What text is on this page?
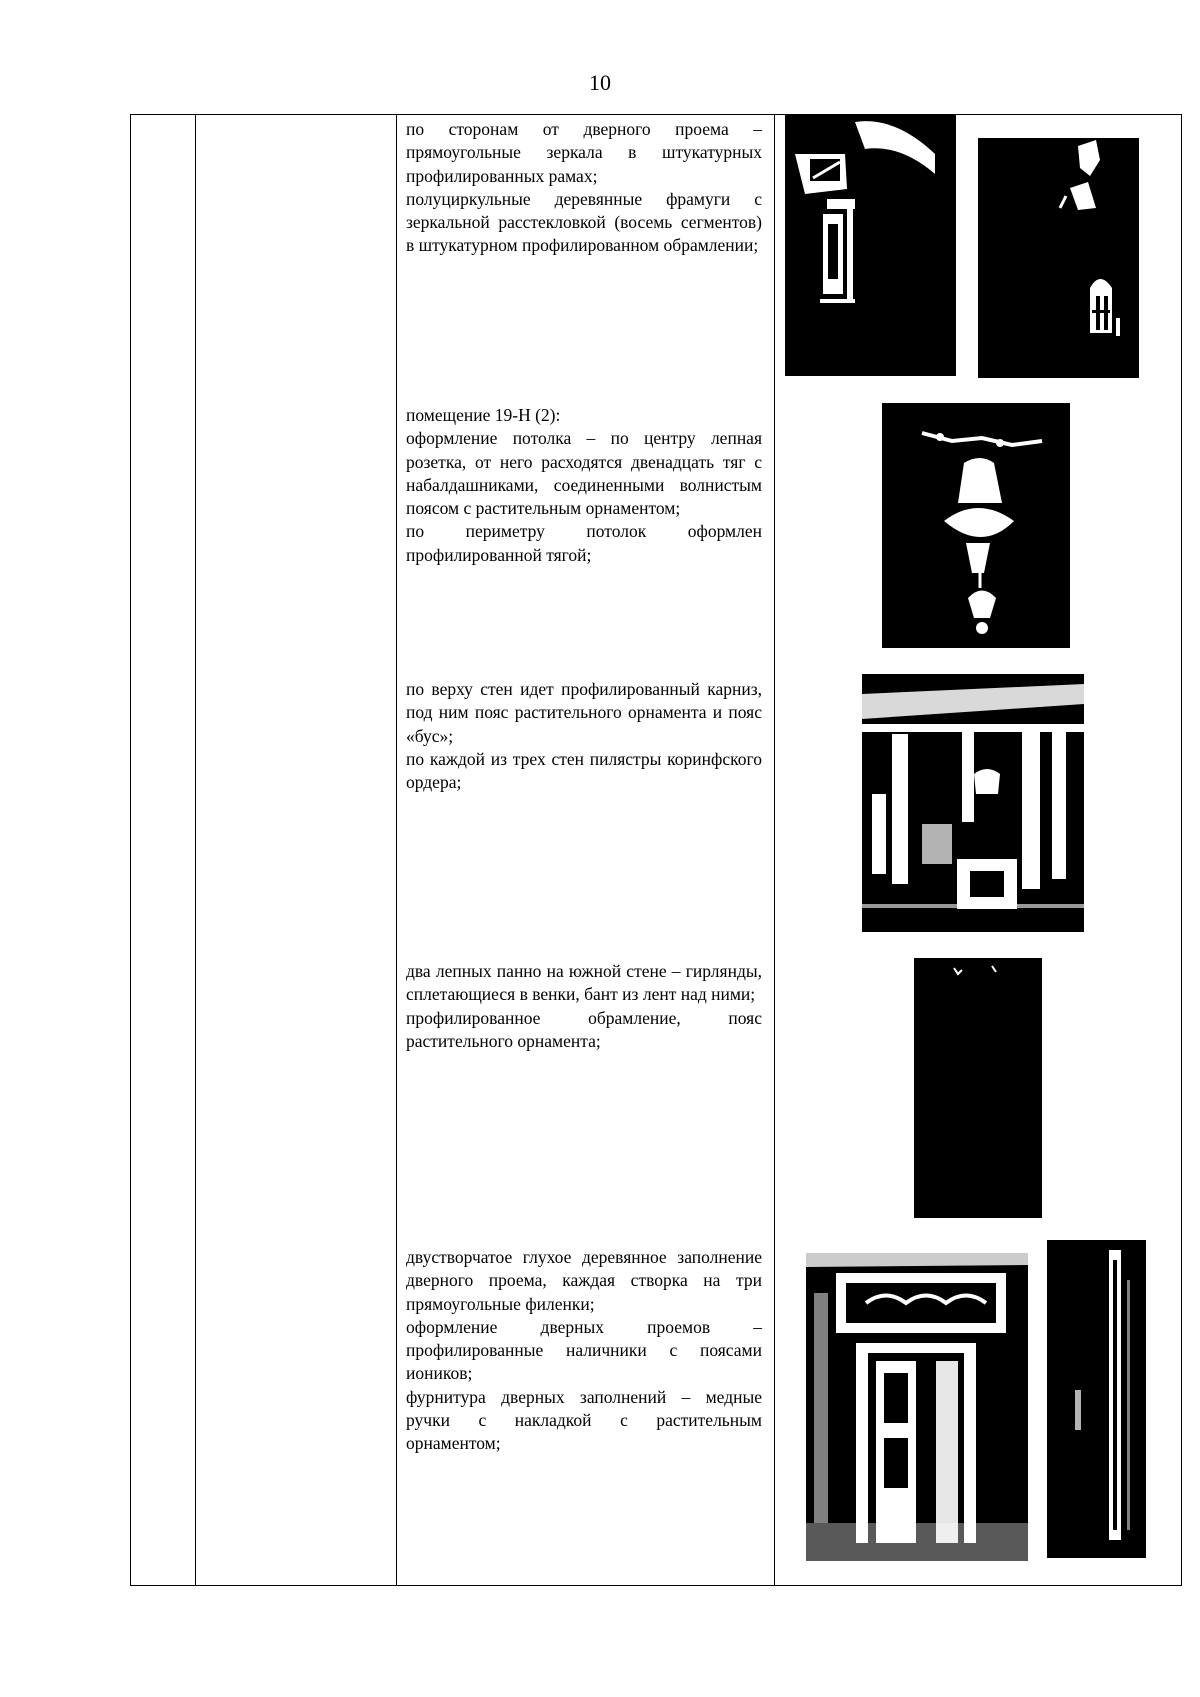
10

по сторонам от дверного проема – прямоугольные зеркала в штукатурных профилированных рамах;

полуциркульные деревянные фрамуги с зеркальной расстекловкой (восемь сегментов) в штукатурном профилированном обрамлении;

помещение 19-Н (2):

оформление потолка – по центру лепная розетка, от него расходятся двенадцать тяг с набалдашниками, соединенными волнистым поясом с растительным орнаментом;

по периметру потолок оформлен профилированной тягой;

по верху стен идет профилированный карниз, под ним пояс растительного орнамента и пояс «бус»;

по каждой из трех стен пилястры коринфского ордера;

два лепных панно на южной стене – гирлянды, сплетающиеся в венки, бант из лент над ними;

профилированное обрамление, пояс растительного орнамента;

двустворчатое глухое деревянное заполнение дверного проема, каждая створка на три прямоугольные филенки;

оформление дверных проемов – профилированные наличники с поясами иоников;

фурнитура дверных заполнений – медные ручки с накладкой с растительным орнаментом;
